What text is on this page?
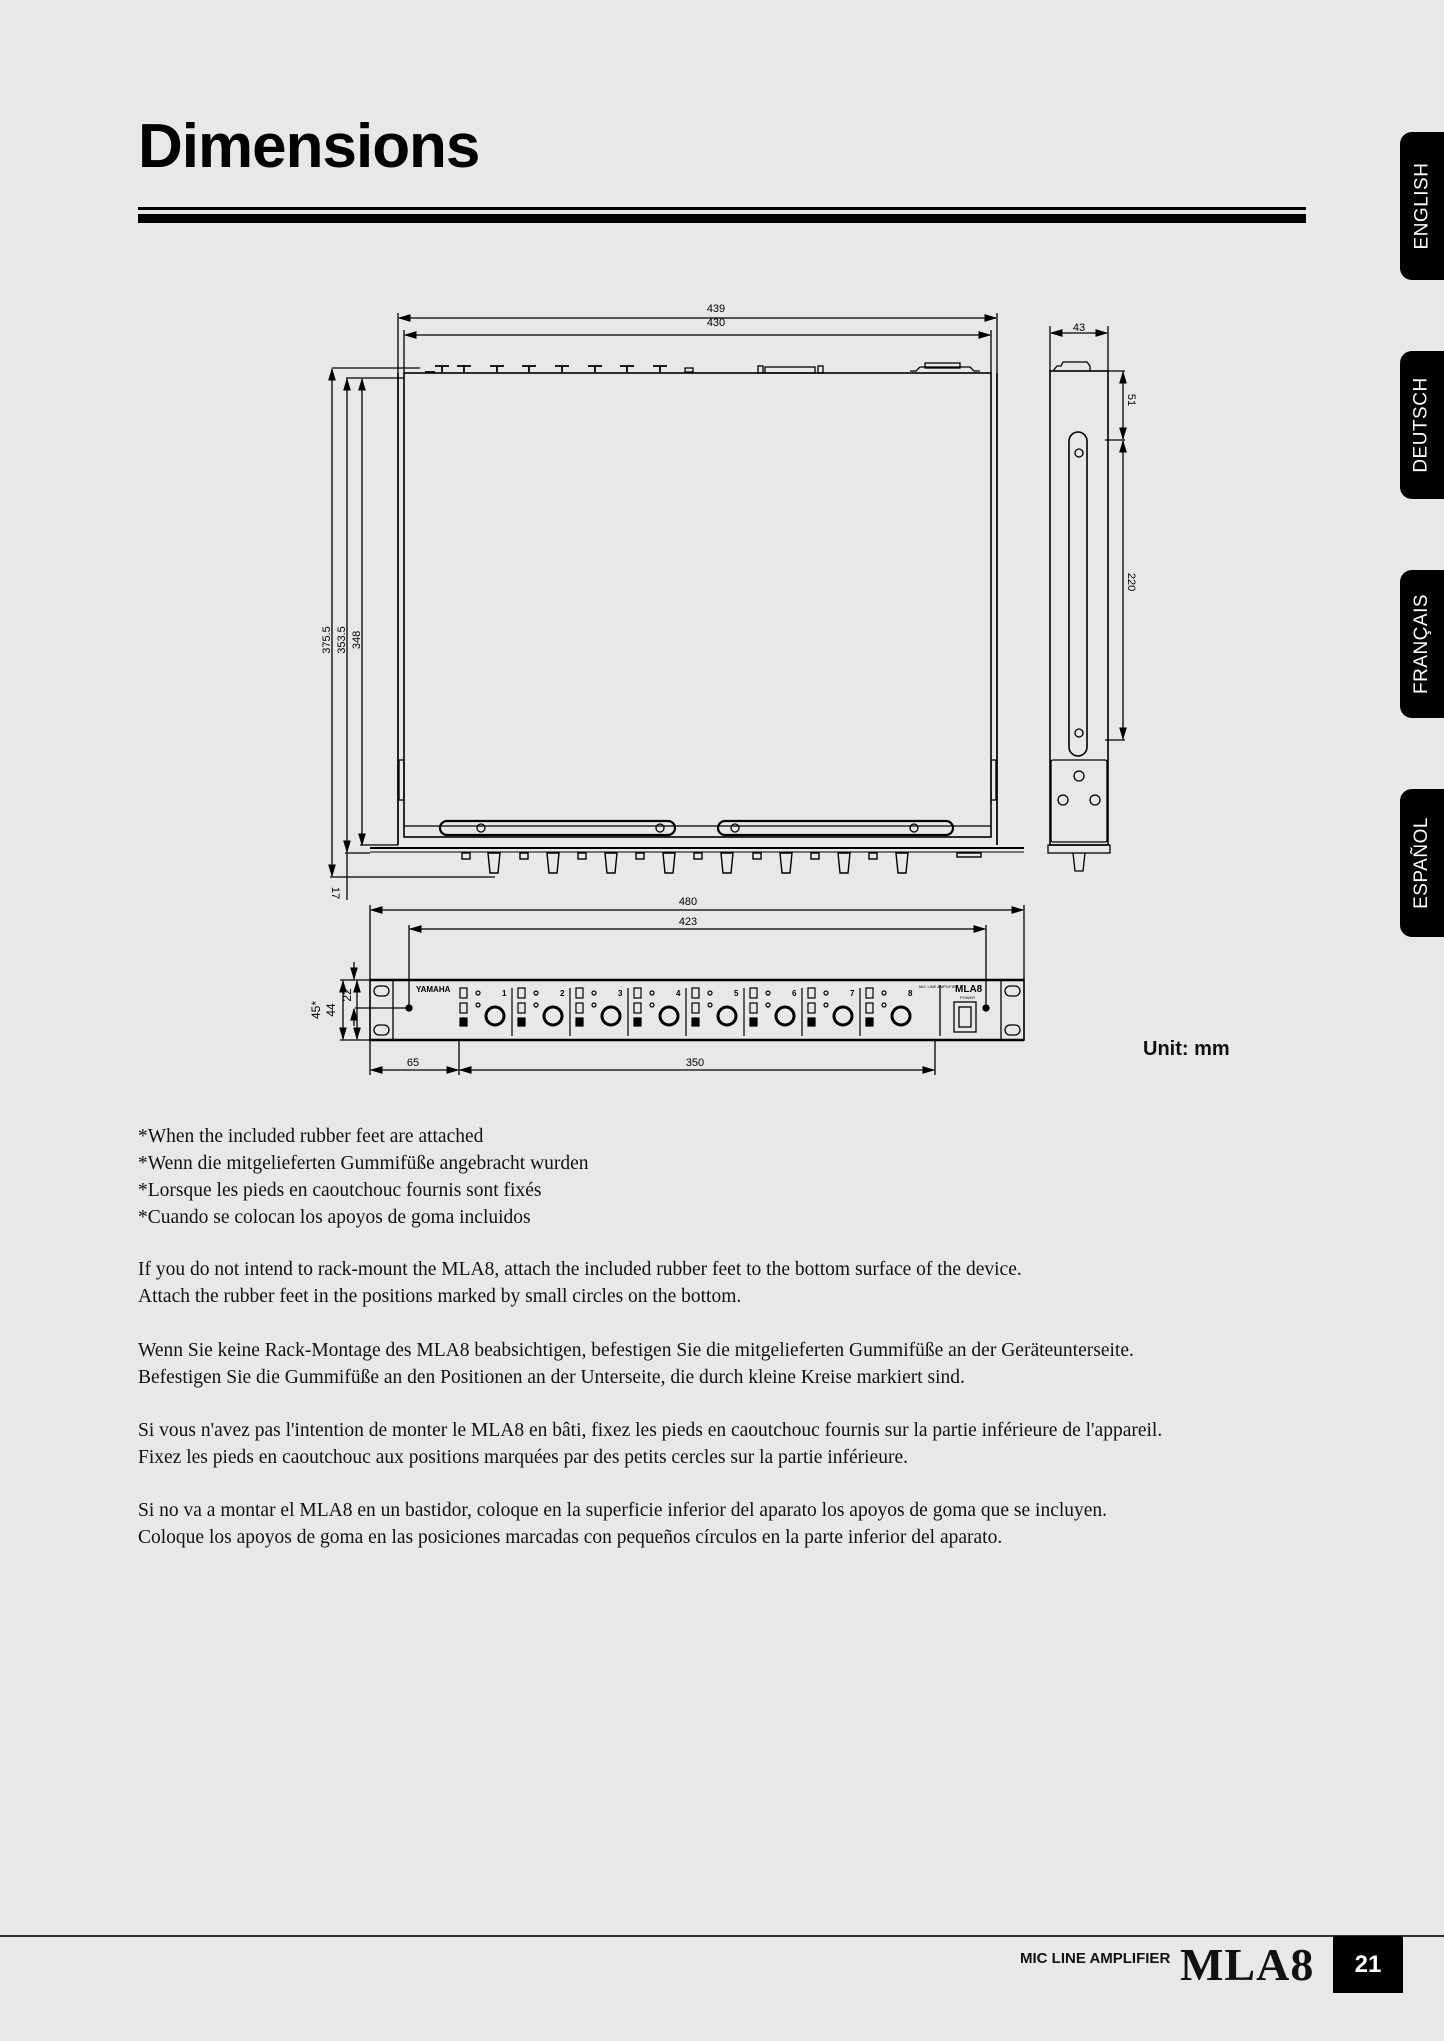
Dimensions
ENGLISH
DEUTSCH
FRANÇAIS
ESPAÑOL
439
430
375.5 353.5 348
17
43
51
220
480
423
45* 44
22
65	350
YAMAHA	MLA8
MIC LINE AMPLIFIER
POWER
1	2	3	4	5	6	7	8
Unit: mm
*When the included rubber feet are attached
*Wenn die mitgelieferten Gummifüße angebracht wurden
*Lorsque les pieds en caoutchouc fournis sont fixés
*Cuando se colocan los apoyos de goma incluidos
If you do not intend to rack-mount the MLA8, attach the included rubber feet to the bottom surface of the device.
Attach the rubber feet in the positions marked by small circles on the bottom.
Wenn Sie keine Rack-Montage des MLA8 beabsichtigen, befestigen Sie die mitgelieferten Gummifüße an der Geräteunterseite.
Befestigen Sie die Gummifüße an den Positionen an der Unterseite, die durch kleine Kreise markiert sind.
Si vous n'avez pas l'intention de monter le MLA8 en bâti, fixez les pieds en caoutchouc fournis sur la partie inférieure de l'appareil.
Fixez les pieds en caoutchouc aux positions marquées par des petits cercles sur la partie inférieure.
Si no va a montar el MLA8 en un bastidor, coloque en la superficie inferior del aparato los apoyos de goma que se incluyen.
Coloque los apoyos de goma en las posiciones marcadas con pequeños círculos en la parte inferior del aparato.
MIC LINE AMPLIFIER MLA8	21
